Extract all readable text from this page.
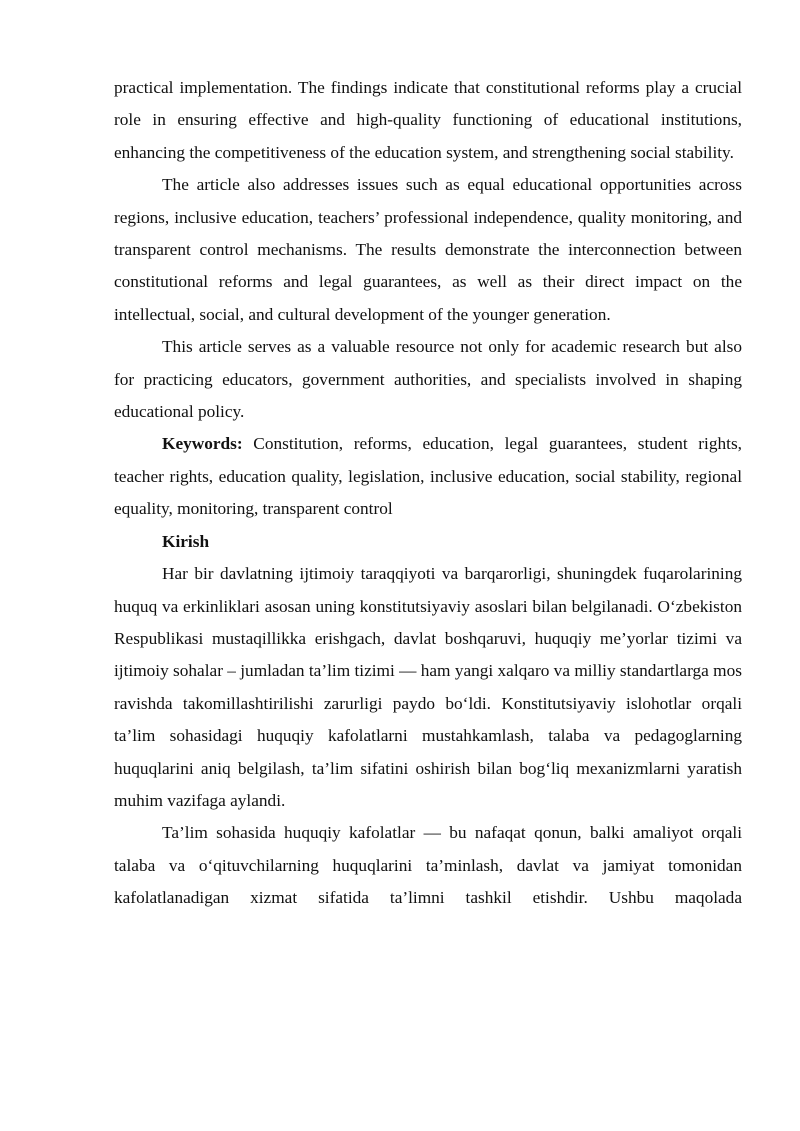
practical implementation. The findings indicate that constitutional reforms play a crucial role in ensuring effective and high-quality functioning of educational institutions, enhancing the competitiveness of the education system, and strengthening social stability.

The article also addresses issues such as equal educational opportunities across regions, inclusive education, teachers’ professional independence, quality monitoring, and transparent control mechanisms. The results demonstrate the interconnection between constitutional reforms and legal guarantees, as well as their direct impact on the intellectual, social, and cultural development of the younger generation.

This article serves as a valuable resource not only for academic research but also for practicing educators, government authorities, and specialists involved in shaping educational policy.

Keywords: Constitution, reforms, education, legal guarantees, student rights, teacher rights, education quality, legislation, inclusive education, social stability, regional equality, monitoring, transparent control

Kirish

Har bir davlatning ijtimoiy taraqqiyoti va barqarorligi, shuningdek fuqarolarining huquq va erkinliklari asosan uning konstitutsiyaviy asoslari bilan belgilanadi. O‘zbekiston Respublikasi mustaqillikka erishgach, davlat boshqaruvi, huquqiy me’yorlar tizimi va ijtimoiy sohalar – jumladan ta’lim tizimi — ham yangi xalqaro va milliy standartlarga mos ravishda takomillashtirilishi zarurligi paydo bo‘ldi. Konstitutsiyaviy islohotlar orqali ta’lim sohasidagi huquqiy kafolatlarni mustahkamlash, talaba va pedagoglarning huquqlarini aniq belgilash, ta’lim sifatini oshirish bilan bog‘liq mexanizmlarni yaratish muhim vazifaga aylandi.

Ta’lim sohasida huquqiy kafolatlar — bu nafaqat qonun, balki amaliyot orqali talaba va o‘qituvchilarning huquqlarini ta’minlash, davlat va jamiyat tomonidan kafolatlanadigan xizmat sifatida ta’limni tashkil etishdir. Ushbu maqolada
